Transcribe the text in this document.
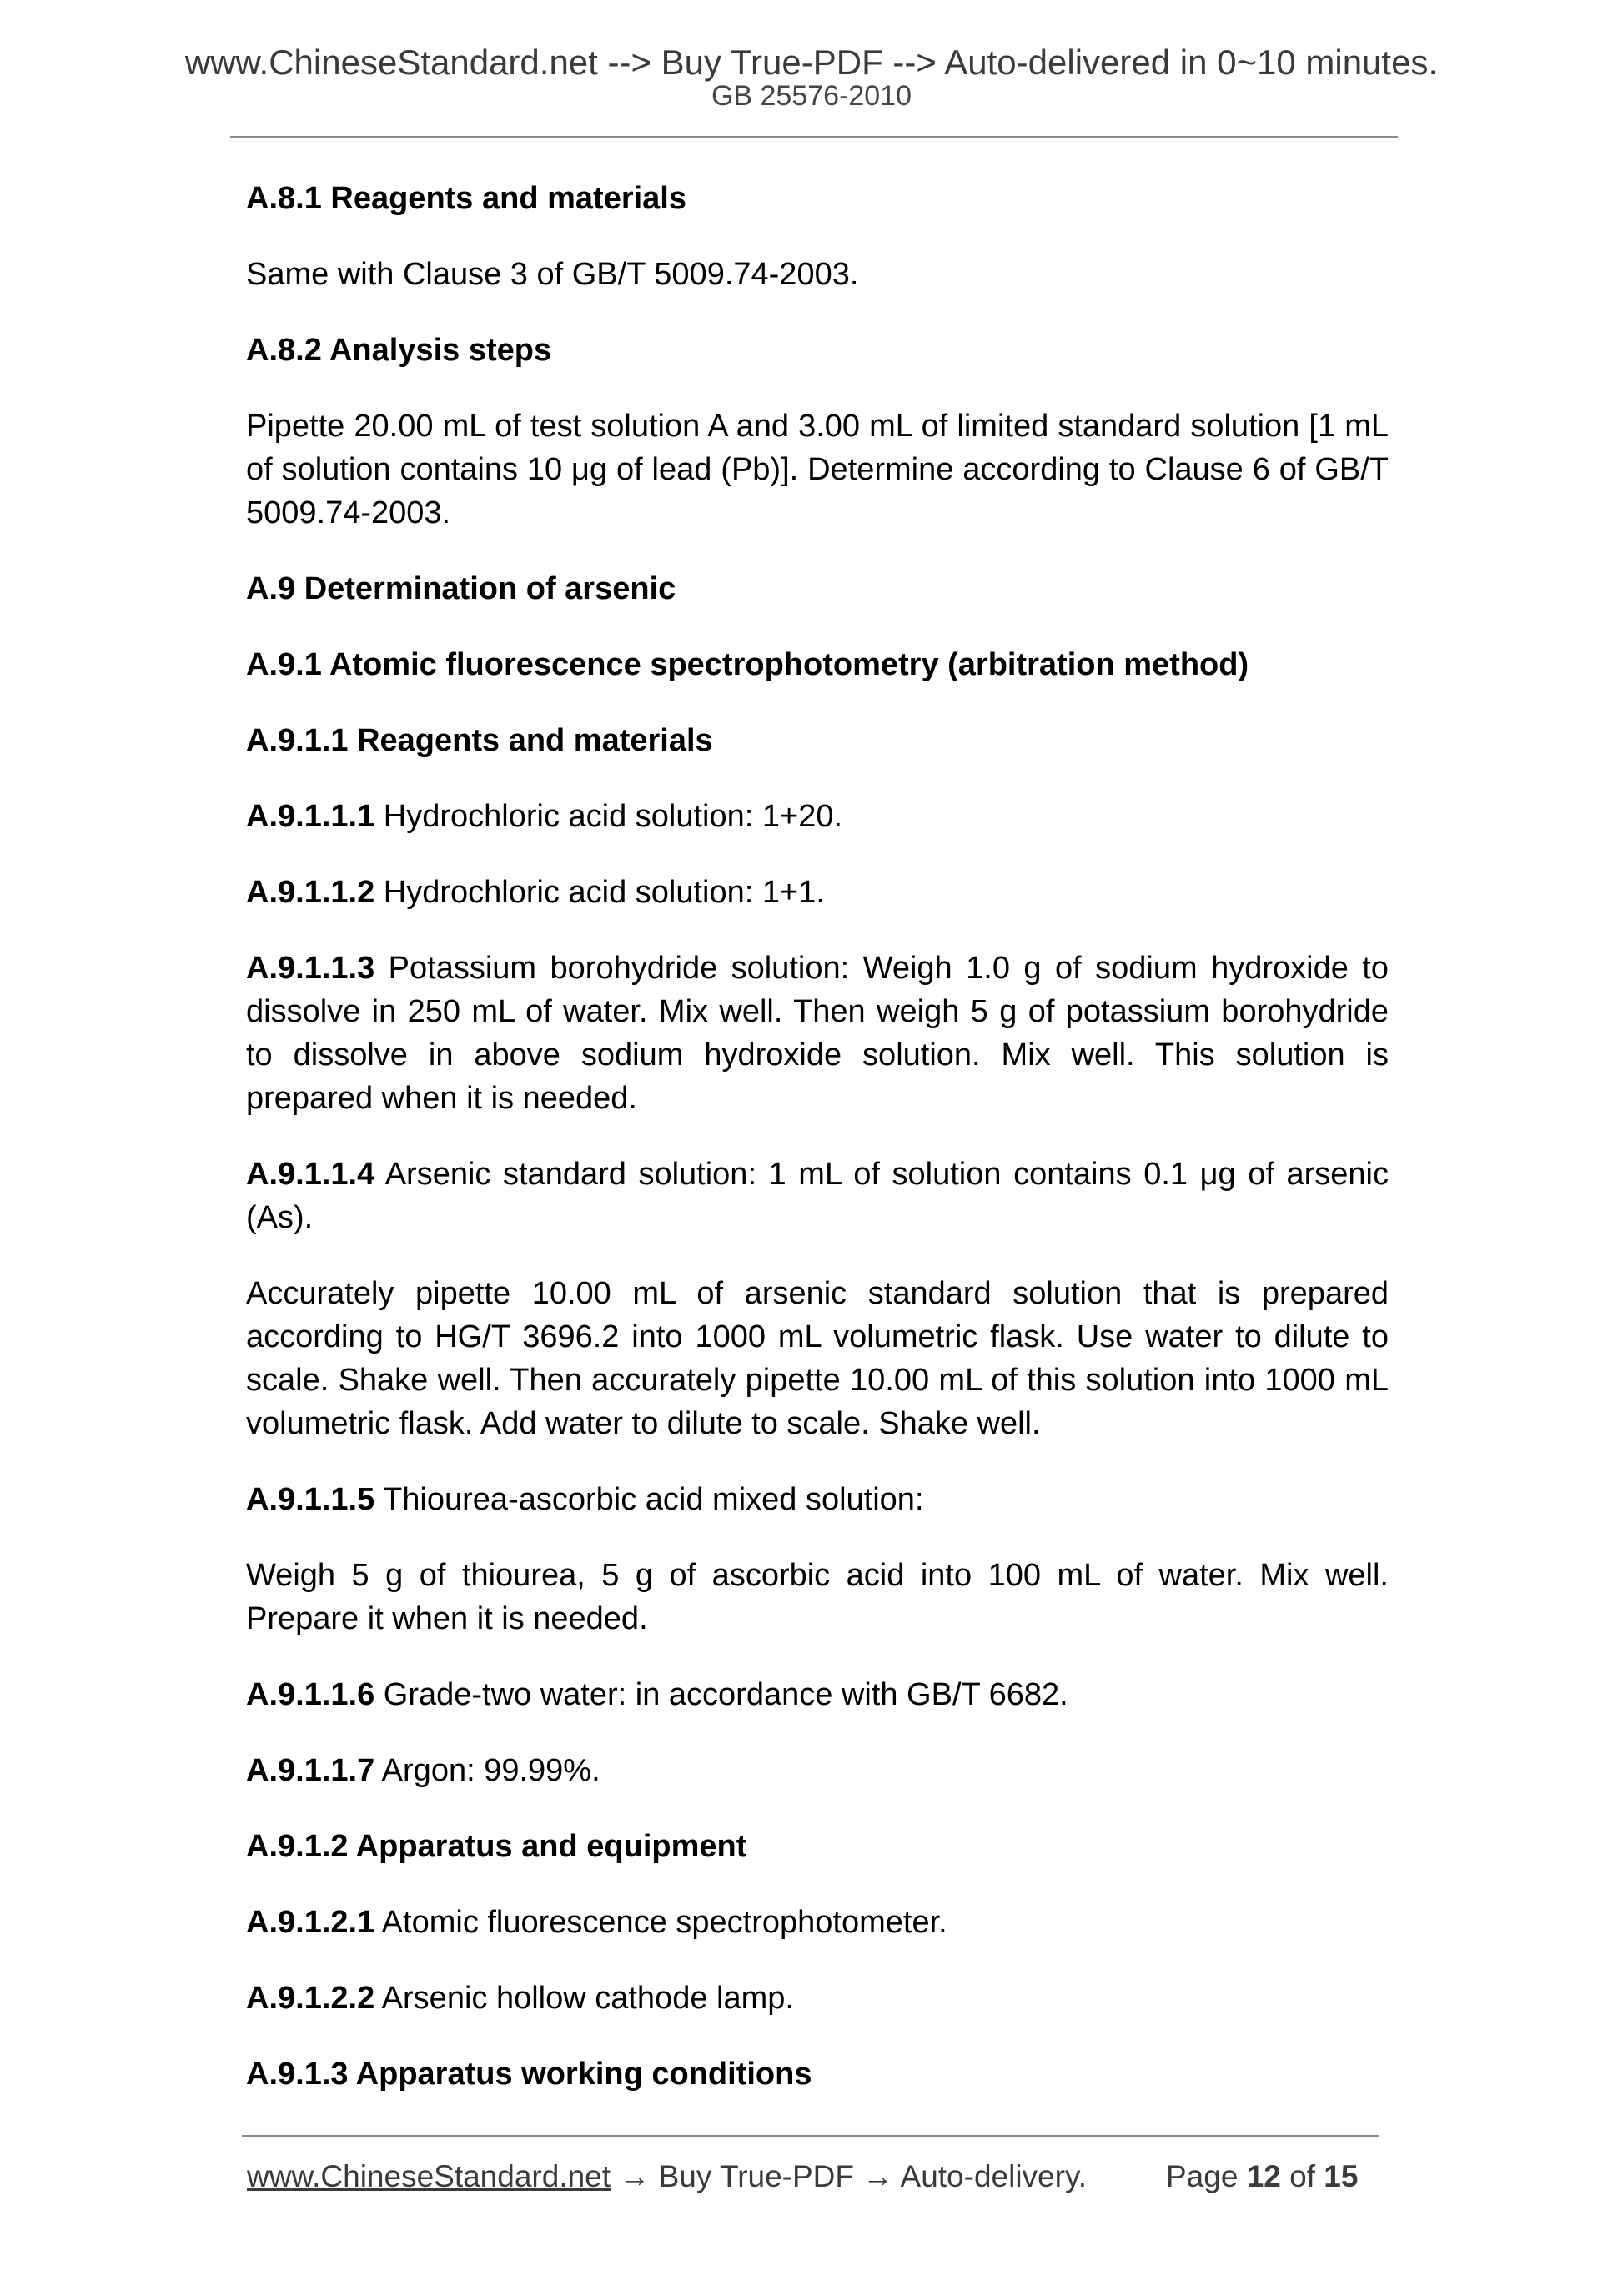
www.ChineseStandard.net --> Buy True-PDF --> Auto-delivered in 0~10 minutes.
GB 25576-2010

A.8.1 Reagents and materials

Same with Clause 3 of GB/T 5009.74-2003.

A.8.2 Analysis steps

Pipette 20.00 mL of test solution A and 3.00 mL of limited standard solution [1 mL of solution contains 10 μg of lead (Pb)]. Determine according to Clause 6 of GB/T 5009.74-2003.

A.9 Determination of arsenic

A.9.1 Atomic fluorescence spectrophotometry (arbitration method)

A.9.1.1 Reagents and materials

A.9.1.1.1 Hydrochloric acid solution: 1+20.

A.9.1.1.2 Hydrochloric acid solution: 1+1.

A.9.1.1.3 Potassium borohydride solution: Weigh 1.0 g of sodium hydroxide to dissolve in 250 mL of water. Mix well. Then weigh 5 g of potassium borohydride to dissolve in above sodium hydroxide solution. Mix well. This solution is prepared when it is needed.

A.9.1.1.4 Arsenic standard solution: 1 mL of solution contains 0.1 μg of arsenic (As).

Accurately pipette 10.00 mL of arsenic standard solution that is prepared according to HG/T 3696.2 into 1000 mL volumetric flask. Use water to dilute to scale. Shake well. Then accurately pipette 10.00 mL of this solution into 1000 mL volumetric flask. Add water to dilute to scale. Shake well.

A.9.1.1.5 Thiourea-ascorbic acid mixed solution:

Weigh 5 g of thiourea, 5 g of ascorbic acid into 100 mL of water. Mix well. Prepare it when it is needed.

A.9.1.1.6 Grade-two water: in accordance with GB/T 6682.

A.9.1.1.7 Argon: 99.99%.

A.9.1.2 Apparatus and equipment

A.9.1.2.1 Atomic fluorescence spectrophotometer.

A.9.1.2.2 Arsenic hollow cathode lamp.

A.9.1.3 Apparatus working conditions

www.ChineseStandard.net → Buy True-PDF → Auto-delivery.	Page 12 of 15
